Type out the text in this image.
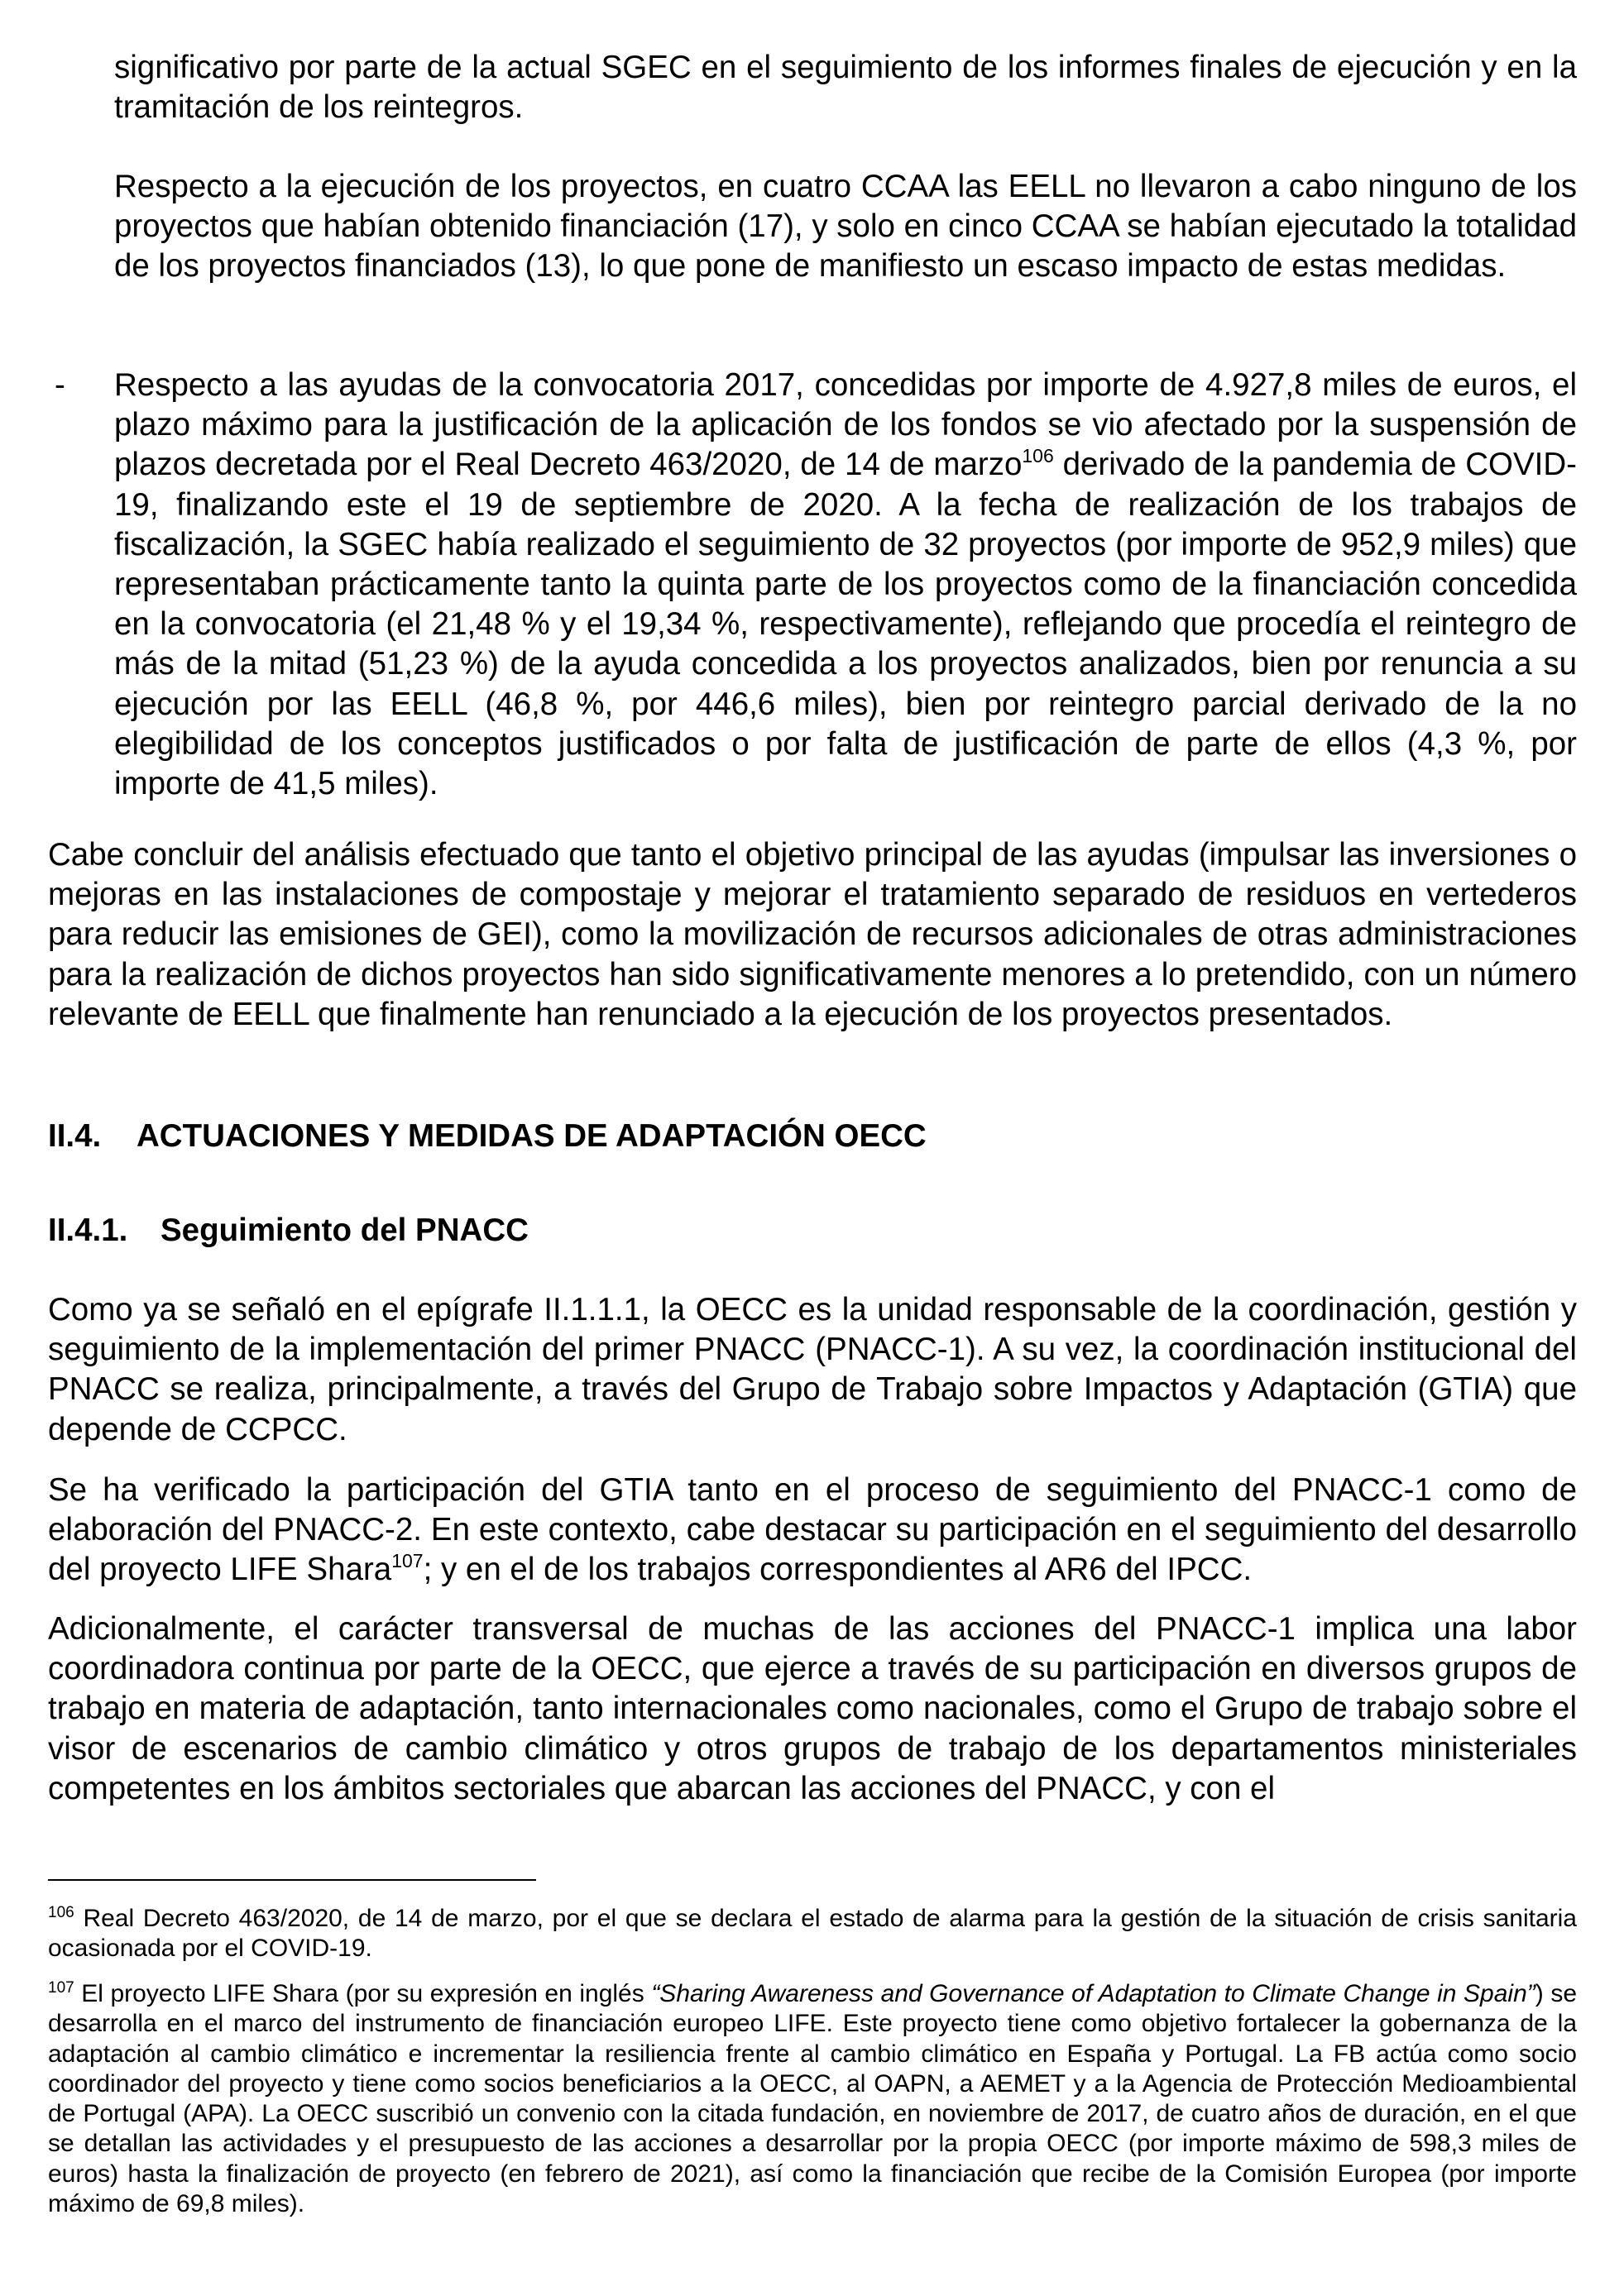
significativo por parte de la actual SGEC en el seguimiento de los informes finales de ejecución y en la tramitación de los reintegros.

Respecto a la ejecución de los proyectos, en cuatro CCAA las EELL no llevaron a cabo ninguno de los proyectos que habían obtenido financiación (17), y solo en cinco CCAA se habían ejecutado la totalidad de los proyectos financiados (13), lo que pone de manifiesto un escaso impacto de estas medidas.

- Respecto a las ayudas de la convocatoria 2017, concedidas por importe de 4.927,8 miles de euros, el plazo máximo para la justificación de la aplicación de los fondos se vio afectado por la suspensión de plazos decretada por el Real Decreto 463/2020, de 14 de marzo$^{106}$ derivado de la pandemia de COVID-19, finalizando este el 19 de septiembre de 2020. A la fecha de realización de los trabajos de fiscalización, la SGEC había realizado el seguimiento de 32 proyectos (por importe de 952,9 miles) que representaban prácticamente tanto la quinta parte de los proyectos como de la financiación concedida en la convocatoria (el 21,48 % y el 19,34 %, respectivamente), reflejando que procedía el reintegro de más de la mitad (51,23 %) de la ayuda concedida a los proyectos analizados, bien por renuncia a su ejecución por las EELL (46,8 %, por 446,6 miles), bien por reintegro parcial derivado de la no elegibilidad de los conceptos justificados o por falta de justificación de parte de ellos (4,3 %, por importe de 41,5 miles).

Cabe concluir del análisis efectuado que tanto el objetivo principal de las ayudas (impulsar las inversiones o mejoras en las instalaciones de compostaje y mejorar el tratamiento separado de residuos en vertederos para reducir las emisiones de GEI), como la movilización de recursos adicionales de otras administraciones para la realización de dichos proyectos han sido significativamente menores a lo pretendido, con un número relevante de EELL que finalmente han renunciado a la ejecución de los proyectos presentados.

II.4. ACTUACIONES Y MEDIDAS DE ADAPTACIÓN OECC
II.4.1. Seguimiento del PNACC

Como ya se señaló en el epígrafe II.1.1.1, la OECC es la unidad responsable de la coordinación, gestión y seguimiento de la implementación del primer PNACC (PNACC-1). A su vez, la coordinación institucional del PNACC se realiza, principalmente, a través del Grupo de Trabajo sobre Impactos y Adaptación (GTIA) que depende de CCPCC.

Se ha verificado la participación del GTIA tanto en el proceso de seguimiento del PNACC-1 como de elaboración del PNACC-2. En este contexto, cabe destacar su participación en el seguimiento del desarrollo del proyecto LIFE Shara$^{107}$; y en el de los trabajos correspondientes al AR6 del IPCC.

Adicionalmente, el carácter transversal de muchas de las acciones del PNACC-1 implica una labor coordinadora continua por parte de la OECC, que ejerce a través de su participación en diversos grupos de trabajo en materia de adaptación, tanto internacionales como nacionales, como el Grupo de trabajo sobre el visor de escenarios de cambio climático y otros grupos de trabajo de los departamentos ministeriales competentes en los ámbitos sectoriales que abarcan las acciones del PNACC, y con el

$^{106}$ Real Decreto 463/2020, de 14 de marzo, por el que se declara el estado de alarma para la gestión de la situación de crisis sanitaria ocasionada por el COVID-19.

$^{107}$ El proyecto LIFE Shara (por su expresión en inglés “Sharing Awareness and Governance of Adaptation to Climate Change in Spain”) se desarrolla en el marco del instrumento de financiación europeo LIFE. Este proyecto tiene como objetivo fortalecer la gobernanza de la adaptación al cambio climático e incrementar la resiliencia frente al cambio climático en España y Portugal. La FB actúa como socio coordinador del proyecto y tiene como socios beneficiarios a la OECC, al OAPN, a AEMET y a la Agencia de Protección Medioambiental de Portugal (APA). La OECC suscribió un convenio con la citada fundación, en noviembre de 2017, de cuatro años de duración, en el que se detallan las actividades y el presupuesto de las acciones a desarrollar por la propia OECC (por importe máximo de 598,3 miles de euros) hasta la finalización de proyecto (en febrero de 2021), así como la financiación que recibe de la Comisión Europea (por importe máximo de 69,8 miles).
